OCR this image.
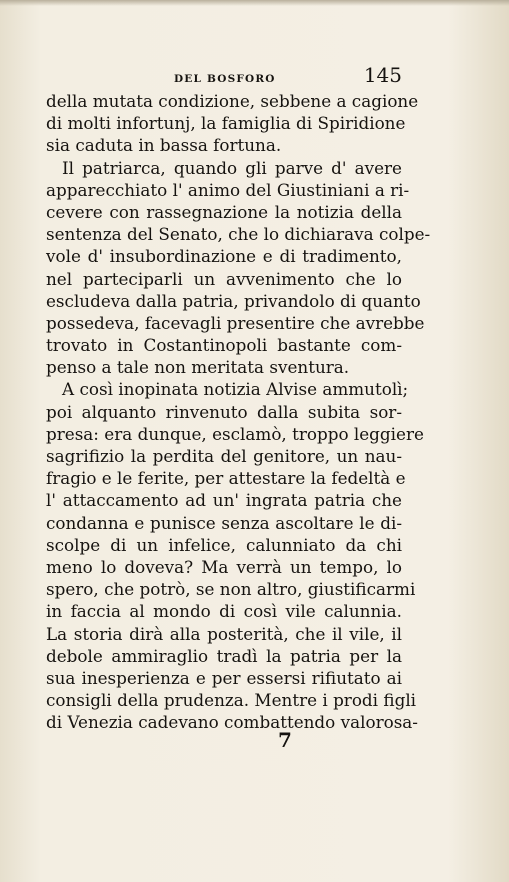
DEL BOSFORO	145
della mutata condizione, sebbene a cagione
di molti infortunj, la famiglia di Spiridione
sia caduta in bassa fortuna.
Il patriarca, quando gli parve d' avere
apparecchiato l' animo del Giustiniani a ri-
cevere con rassegnazione la notizia della
sentenza del Senato, che lo dichiarava colpe-
vole d' insubordinazione e di tradimento,
nel parteciparli un avvenimento che lo
escludeva dalla patria, privandolo di quanto
possedeva, facevagli presentire che avrebbe
trovato in Costantinopoli bastante com-
penso a tale non meritata sventura.
A così inopinata notizia Alvise ammutolì;
poi alquanto rinvenuto dalla subita sor-
presa: era dunque, esclamò, troppo leggiere
sagrifizio la perdita del genitore, un nau-
fragio e le ferite, per attestare la fedeltà e
l' attaccamento ad un' ingrata patria che
condanna e punisce senza ascoltare le di-
scolpe di un infelice, calunniato da chi
meno lo doveva? Ma verrà un tempo, lo
spero, che potrò, se non altro, giustificarmi
in faccia al mondo di così vile calunnia.
La storia dirà alla posterità, che il vile, il
debole ammiraglio tradì la patria per la
sua inesperienza e per essersi rifiutato ai
consigli della prudenza. Mentre i prodi figli
di Venezia cadevano combattendo valorosa-
7
